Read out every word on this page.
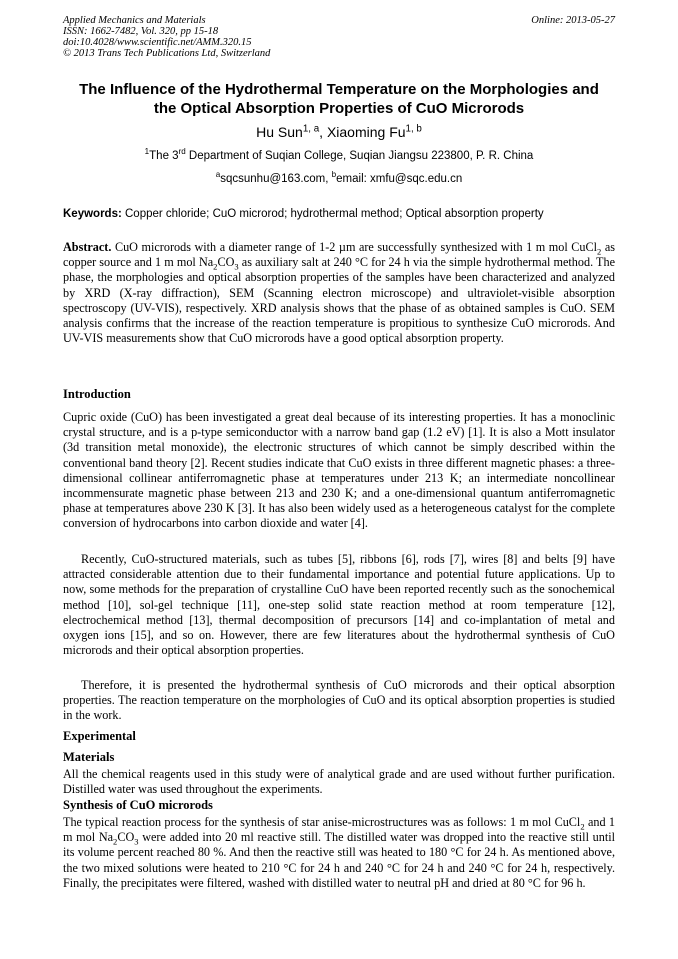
Applied Mechanics and Materials
ISSN: 1662-7482, Vol. 320, pp 15-18
doi:10.4028/www.scientific.net/AMM.320.15
© 2013 Trans Tech Publications Ltd, Switzerland
Online: 2013-05-27
The Influence of the Hydrothermal Temperature on the Morphologies and
the Optical Absorption Properties of CuO Microrods
Hu Sun$^{1, a}$, Xiaoming Fu$^{1, b}$
$^1$The 3rd Department of Suqian College, Suqian Jiangsu 223800, P. R. China
$^a$sqcsunhu@163.com, $^b$email: xmfu@sqc.edu.cn
Keywords: Copper chloride; CuO microrod; hydrothermal method; Optical absorption property
Abstract. CuO microrods with a diameter range of 1-2 µm are successfully synthesized with 1 m mol CuCl$_2$ as copper source and 1 m mol $Na_2CO_3$ as auxiliary salt at 240 °C for 24 h via the simple hydrothermal method. The phase, the morphologies and optical absorption properties of the samples have been characterized and analyzed by XRD (X-ray diffraction), SEM (Scanning electron microscope) and ultraviolet-visible absorption spectroscopy (UV-VIS), respectively. XRD analysis shows that the phase of as obtained samples is CuO. SEM analysis confirms that the increase of the reaction temperature is propitious to synthesize CuO microrods. And UV-VIS measurements show that CuO microrods have a good optical absorption property.
Introduction
Cupric oxide (CuO) has been investigated a great deal because of its interesting properties. It has a monoclinic crystal structure, and is a p-type semiconductor with a narrow band gap (1.2 eV) [1]. It is also a Mott insulator (3d transition metal monoxide), the electronic structures of which cannot be simply described within the conventional band theory [2]. Recent studies indicate that CuO exists in three different magnetic phases: a three-dimensional collinear antiferromagnetic phase at temperatures under 213 K; an intermediate noncollinear incommensurate magnetic phase between 213 and 230 K; and a one-dimensional quantum antiferromagnetic phase at temperatures above 230 K [3]. It has also been widely used as a heterogeneous catalyst for the complete conversion of hydrocarbons into carbon dioxide and water [4].
Recently, CuO-structured materials, such as tubes [5], ribbons [6], rods [7], wires [8] and belts [9] have attracted considerable attention due to their fundamental importance and potential future applications. Up to now, some methods for the preparation of crystalline CuO have been reported recently such as the sonochemical method [10], sol-gel technique [11], one-step solid state reaction method at room temperature [12], electrochemical method [13], thermal decomposition of precursors [14] and co-implantation of metal and oxygen ions [15], and so on. However, there are few literatures about the hydrothermal synthesis of CuO microrods and their optical absorption properties.
Therefore, it is presented the hydrothermal synthesis of CuO microrods and their optical absorption properties. The reaction temperature on the morphologies of CuO and its optical absorption properties is studied in the work.
Experimental
Materials
All the chemical reagents used in this study were of analytical grade and are used without further purification. Distilled water was used throughout the experiments.
Synthesis of CuO microrods
The typical reaction process for the synthesis of star anise-microstructures was as follows: 1 m mol CuCl$_2$ and 1 m mol $Na_2CO_3$ were added into 20 ml reactive still. The distilled water was dropped into the reactive still until its volume percent reached 80 %. And then the reactive still was heated to 180 °C for 24 h. As mentioned above, the two mixed solutions were heated to 210 °C for 24 h and 240 °C for 24 h and 240 °C for 24 h, respectively. Finally, the precipitates were filtered, washed with distilled water to neutral pH and dried at 80 °C for 96 h.
